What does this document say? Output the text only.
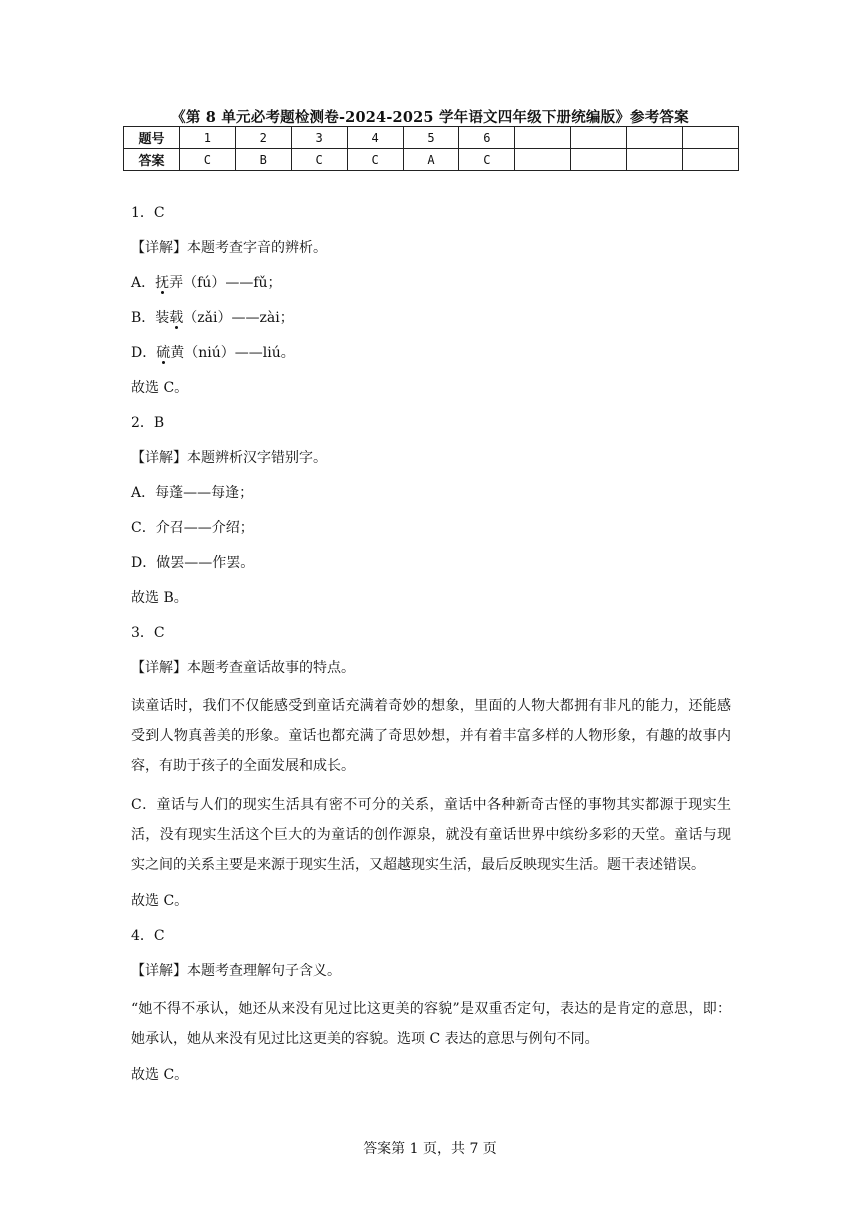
《第 8 单元必考题检测卷-2024-2025 学年语文四年级下册统编版》参考答案
题号	1	2	3	4	5	6				
答案	C	B	C	C	A	C				

1．C

【详解】本题考查字音的辨析。

A．抚弄（fú）——fǔ；

B．装载（zǎi）——zài；

D．硫黄（niú）——liú。

故选 C。

2．B

【详解】本题辨析汉字错别字。

A．每蓬——每逢；

C．介召——介绍；

D．做罢——作罢。

故选 B。

3．C

【详解】本题考查童话故事的特点。

读童话时，我们不仅能感受到童话充满着奇妙的想象，里面的人物大都拥有非凡的能力，还能感受到人物真善美的形象。童话也都充满了奇思妙想，并有着丰富多样的人物形象，有趣的故事内容，有助于孩子的全面发展和成长。

C．童话与人们的现实生活具有密不可分的关系，童话中各种新奇古怪的事物其实都源于现实生活，没有现实生活这个巨大的为童话的创作源泉，就没有童话世界中缤纷多彩的天堂。童话与现实之间的关系主要是来源于现实生活，又超越现实生活，最后反映现实生活。题干表述错误。

故选 C。

4．C

【详解】本题考查理解句子含义。

“她不得不承认，她还从来没有见过比这更美的容貌”是双重否定句，表达的是肯定的意思，即：她承认，她从来没有见过比这更美的容貌。选项 C 表达的意思与例句不同。

故选 C。

答案第 1 页，共 7 页
